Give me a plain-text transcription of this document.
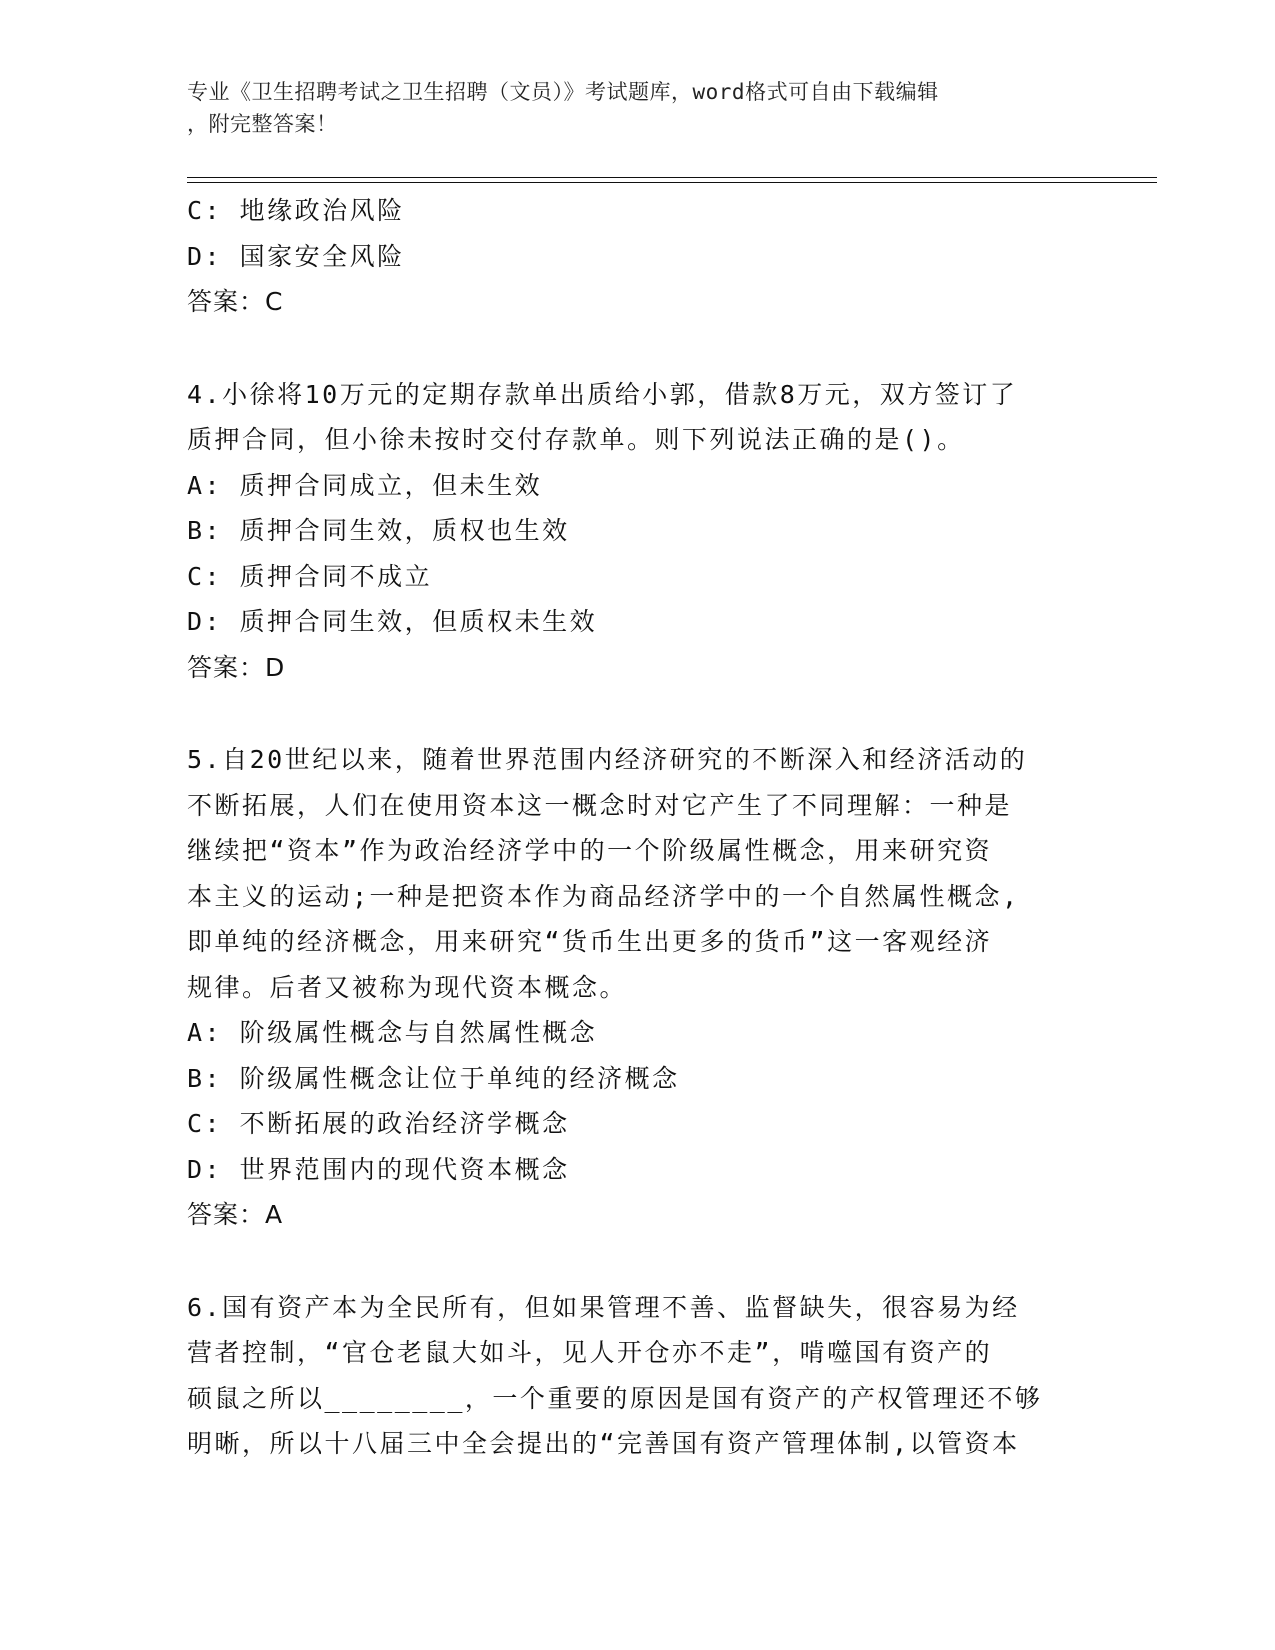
专业《卫生招聘考试之卫生招聘（文员）》考试题库，word格式可自由下载编辑
，附完整答案！
C: 地缘政治风险
D: 国家安全风险
答案：C
4.小徐将10万元的定期存款单出质给小郭，借款8万元，双方签订了
质押合同，但小徐未按时交付存款单。则下列说法正确的是()。
A: 质押合同成立，但未生效
B: 质押合同生效，质权也生效
C: 质押合同不成立
D: 质押合同生效，但质权未生效
答案：D
5.自20世纪以来，随着世界范围内经济研究的不断深入和经济活动的
不断拓展，人们在使用资本这一概念时对它产生了不同理解：一种是
继续把“资本”作为政治经济学中的一个阶级属性概念，用来研究资
本主义的运动;一种是把资本作为商品经济学中的一个自然属性概念,
即单纯的经济概念，用来研究“货币生出更多的货币”这一客观经济
规律。后者又被称为现代资本概念。
A: 阶级属性概念与自然属性概念
B: 阶级属性概念让位于单纯的经济概念
C: 不断拓展的政治经济学概念
D: 世界范围内的现代资本概念
答案：A
6.国有资产本为全民所有，但如果管理不善、监督缺失，很容易为经
营者控制，“官仓老鼠大如斗，见人开仓亦不走”，啃噬国有资产的
硕鼠之所以________，一个重要的原因是国有资产的产权管理还不够
明晰，所以十八届三中全会提出的“完善国有资产管理体制,以管资本
